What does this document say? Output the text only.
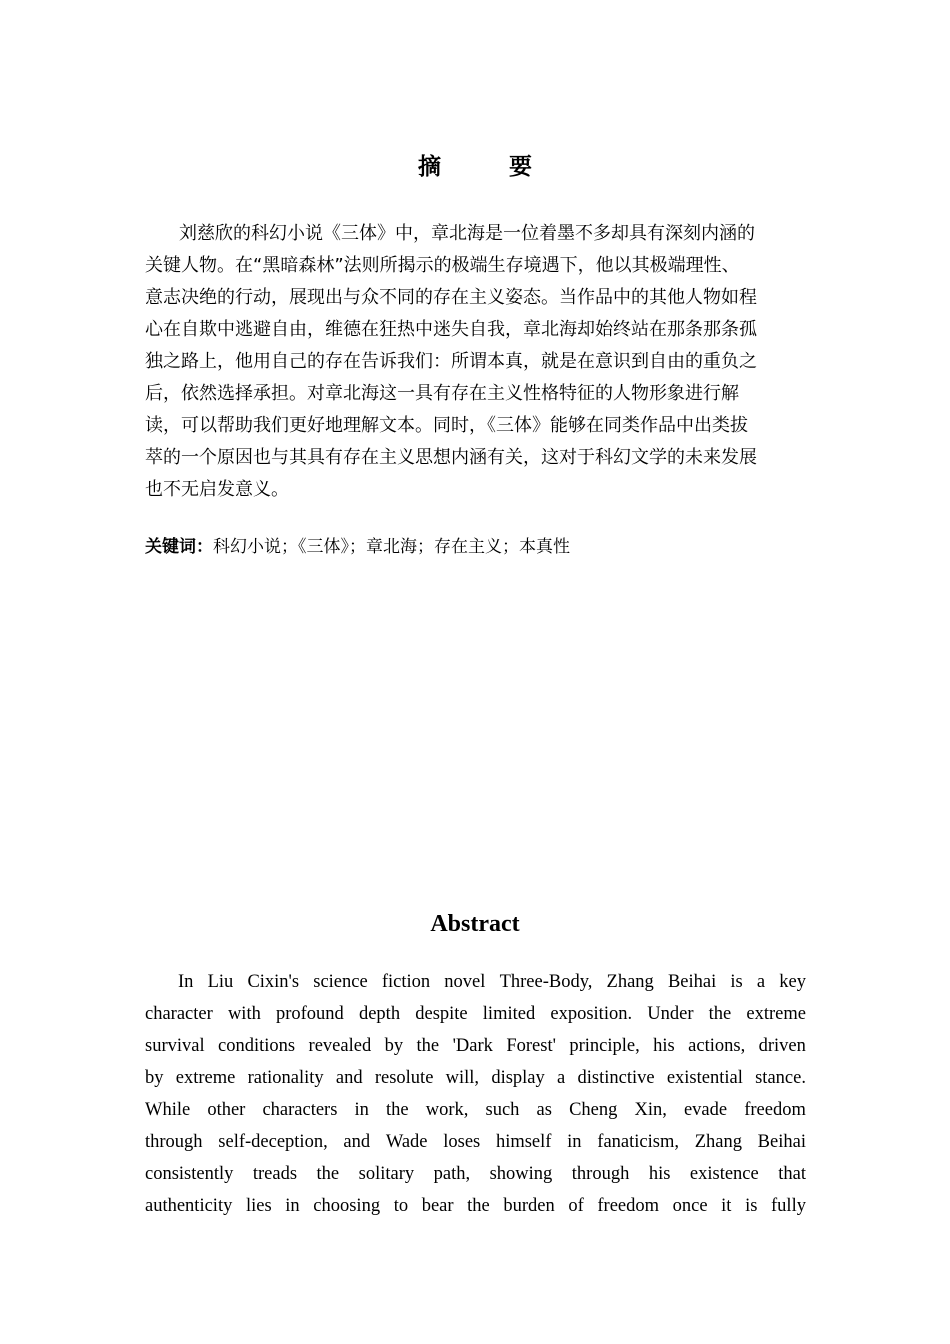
摘 要
刘慈欣的科幻小说《三体》中，章北海是一位着墨不多却具有深刻内涵的
关键人物。在“黑暗森林”法则所揭示的极端生存境遇下，他以其极端理性、
意志决绝的行动，展现出与众不同的存在主义姿态。当作品中的其他人物如程
心在自欺中逃避自由，维德在狂热中迷失自我，章北海却始终站在那条那条孤
独之路上，他用自己的存在告诉我们：所谓本真，就是在意识到自由的重负之
后，依然选择承担。对章北海这一具有存在主义性格特征的人物形象进行解
读，可以帮助我们更好地理解文本。同时，《三体》能够在同类作品中出类拔
萃的一个原因也与其具有存在主义思想内涵有关，这对于科幻文学的未来发展
也不无启发意义。
关键词：科幻小说；《三体》；章北海；存在主义；本真性
Abstract
In Liu Cixin's science fiction novel Three-Body, Zhang Beihai is a key
character with profound depth despite limited exposition. Under the extreme
survival conditions revealed by the 'Dark Forest' principle, his actions, driven
by extreme rationality and resolute will, display a distinctive existential stance.
While other characters in the work, such as Cheng Xin, evade freedom
through self-deception, and Wade loses himself in fanaticism, Zhang Beihai
consistently treads the solitary path, showing through his existence that
authenticity lies in choosing to bear the burden of freedom once it is fully
